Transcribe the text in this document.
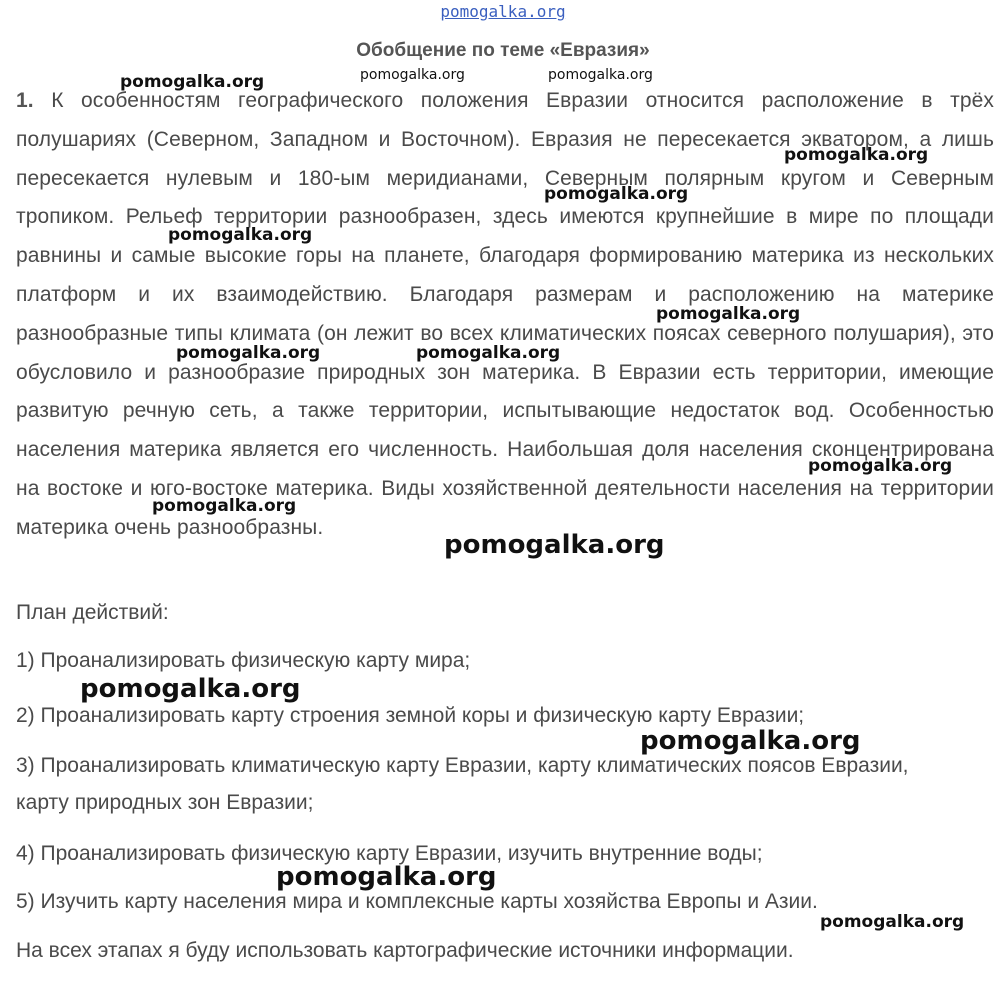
pomogalka.org
Обобщение по теме «Евразия»

1. К особенностям географического положения Евразии относится расположение в трёх полушариях (Северном, Западном и Восточном). Евразия не пересекается экватором, а лишь пересекается нулевым и 180-ым меридианами, Северным полярным кругом и Северным тропиком. Рельеф территории разнообразен, здесь имеются крупнейшие в мире по площади равнины и самые высокие горы на планете, благодаря формированию материка из нескольких платформ и их взаимодействию. Благодаря размерам и расположению на материке разнообразные типы климата (он лежит во всех климатических поясах северного полушария), это обусловило и разнообразие природных зон материка. В Евразии есть территории, имеющие развитую речную сеть, а также территории, испытывающие недостаток вод. Особенностью населения материка является его численность. Наибольшая доля населения сконцентрирована на востоке и юго-востоке материка. Виды хозяйственной деятельности населения на территории материка очень разнообразны.

План действий:

1) Проанализировать физическую карту мира;

2) Проанализировать карту строения земной коры и физическую карту Евразии;

3) Проанализировать климатическую карту Евразии, карту климатических поясов Евразии,

карту природных зон Евразии;

4) Проанализировать физическую карту Евразии, изучить внутренние воды;

5) Изучить карту населения мира и комплексные карты хозяйства Европы и Азии.

На всех этапах я буду использовать картографические источники информации.

pomogalka.org	pomogalka.org	pomogalka.org
pomogalka.org
pomogalka.org
pomogalka.org
pomogalka.org
pomogalka.org	pomogalka.org
pomogalka.org
pomogalka.org
pomogalka.org
pomogalka.org
pomogalka.org
pomogalka.org
pomogalka.org
